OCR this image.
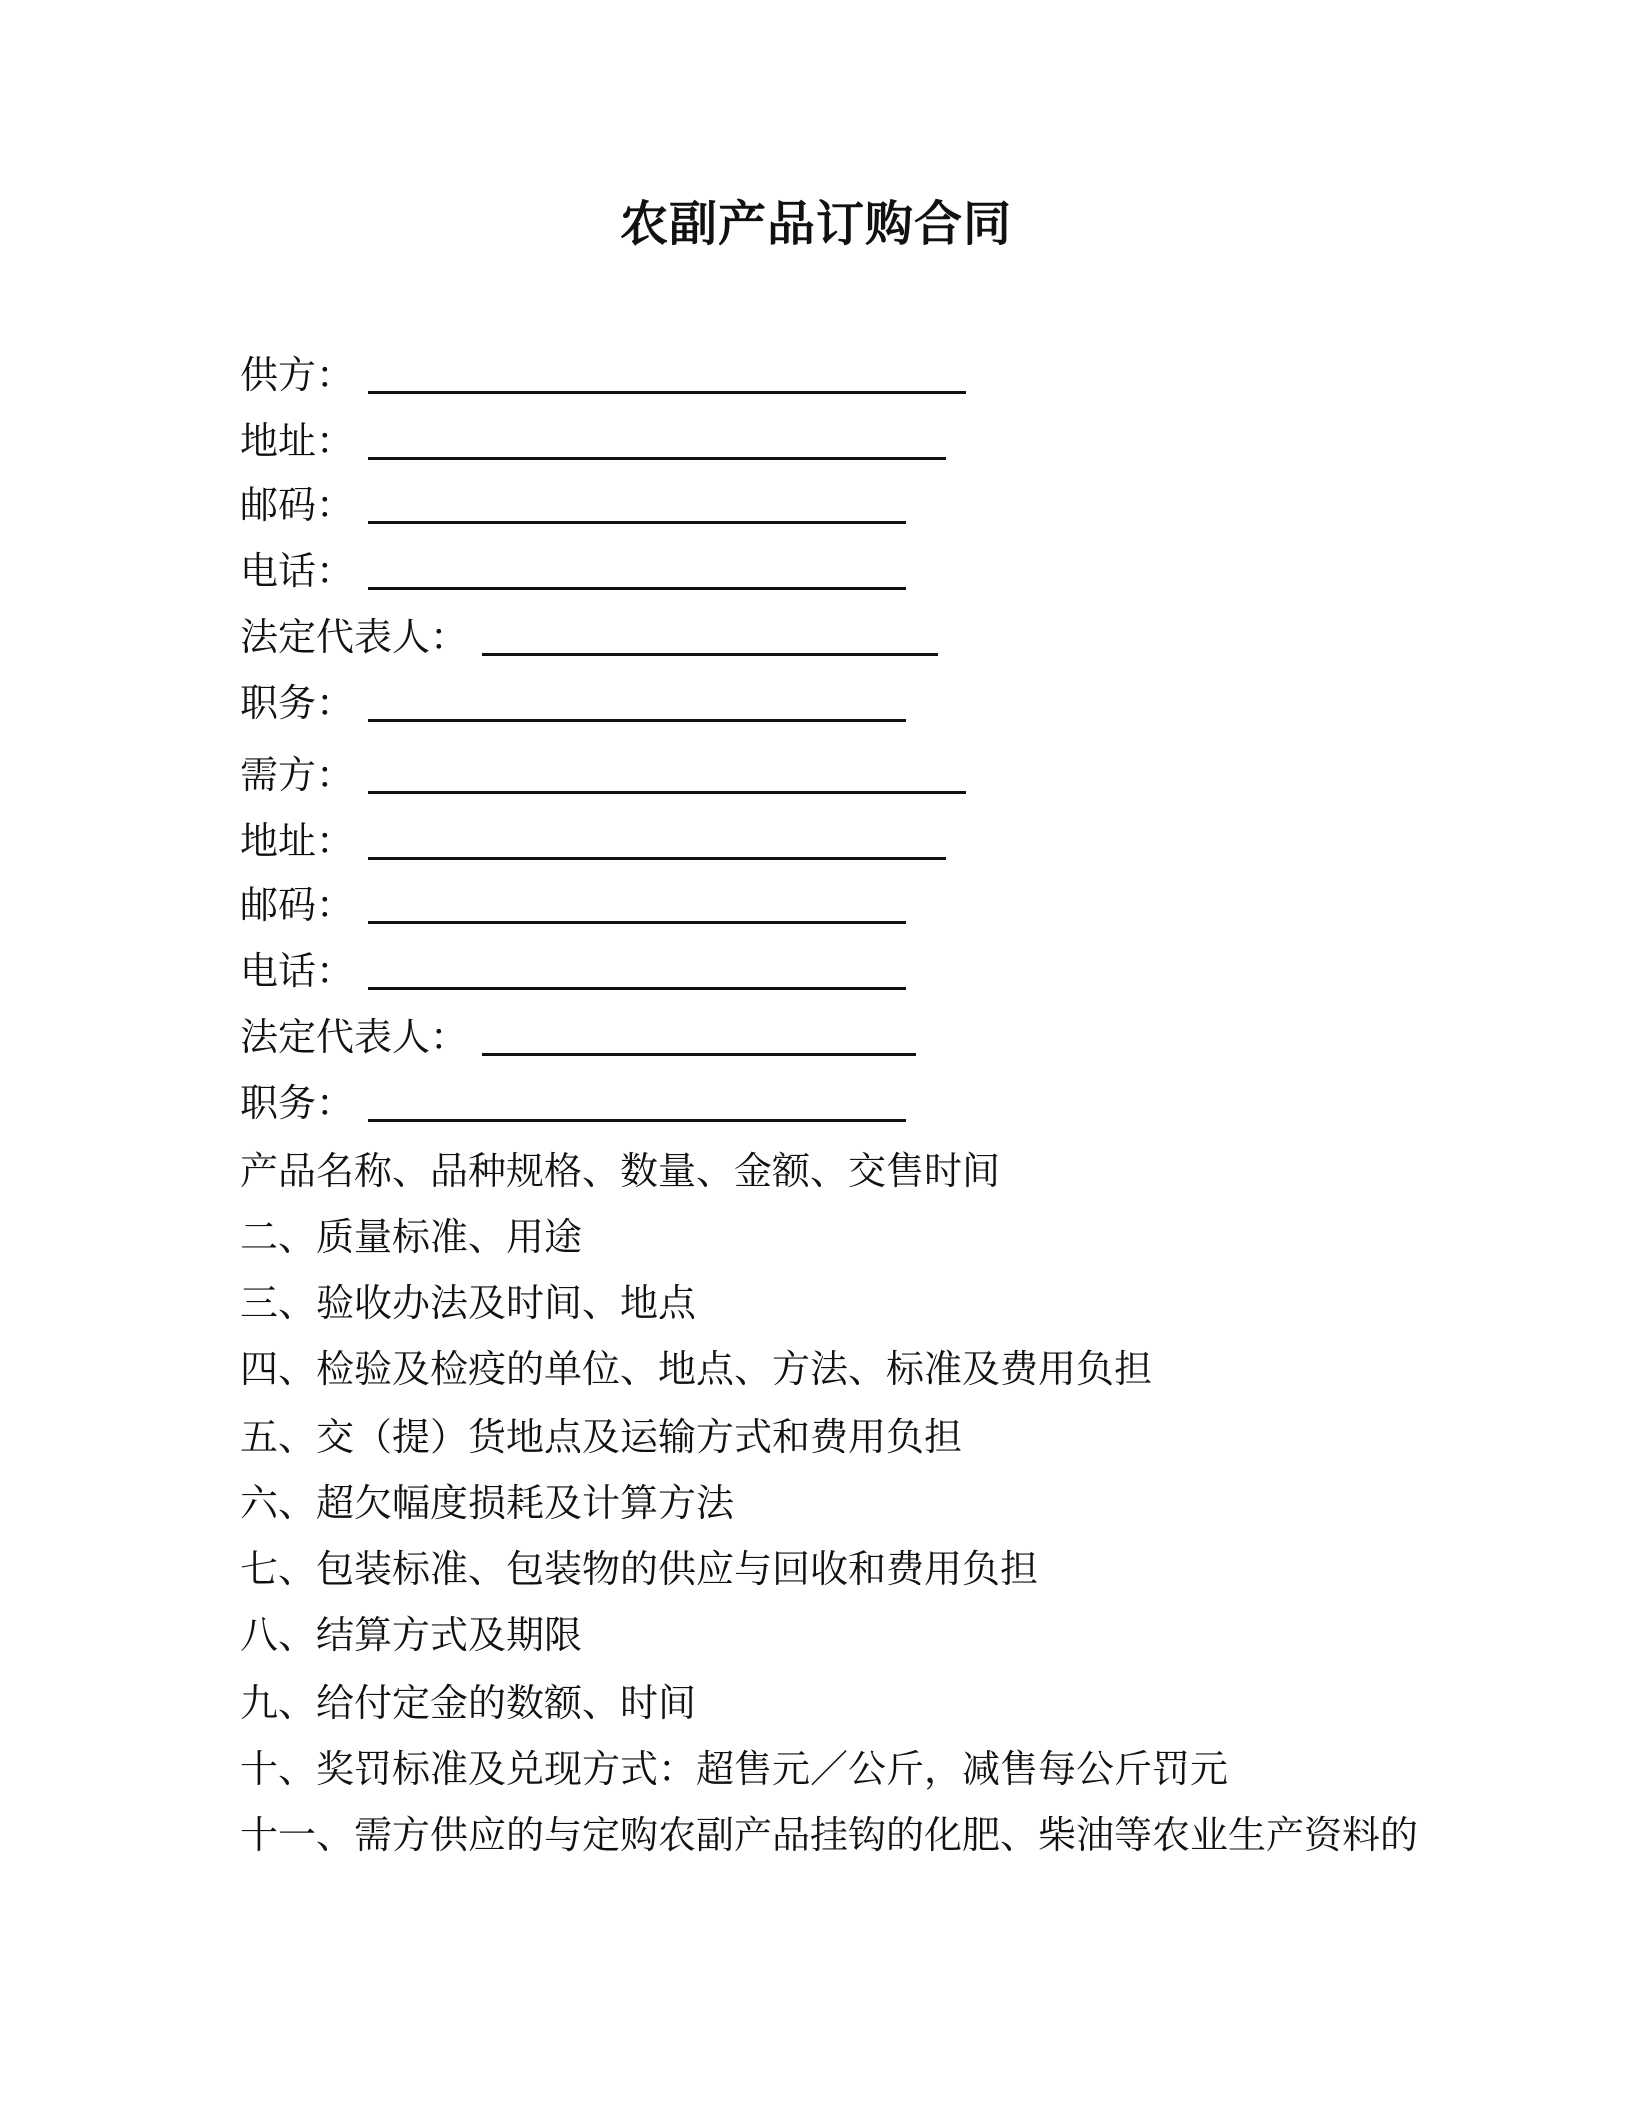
农副产品订购合同
供方：
地址：
邮码：
电话：
法定代表人：
职务：
需方：
地址：
邮码：
电话：
法定代表人：
职务：
产品名称、品种规格、数量、金额、交售时间
二、质量标准、用途
三、验收办法及时间、地点
四、检验及检疫的单位、地点、方法、标准及费用负担
五、交（提）货地点及运输方式和费用负担
六、超欠幅度损耗及计算方法
七、包装标准、包装物的供应与回收和费用负担
八、结算方式及期限
九、给付定金的数额、时间
十、奖罚标准及兑现方式：超售元／公斤，减售每公斤罚元
十一、需方供应的与定购农副产品挂钩的化肥、柴油等农业生产资料的
